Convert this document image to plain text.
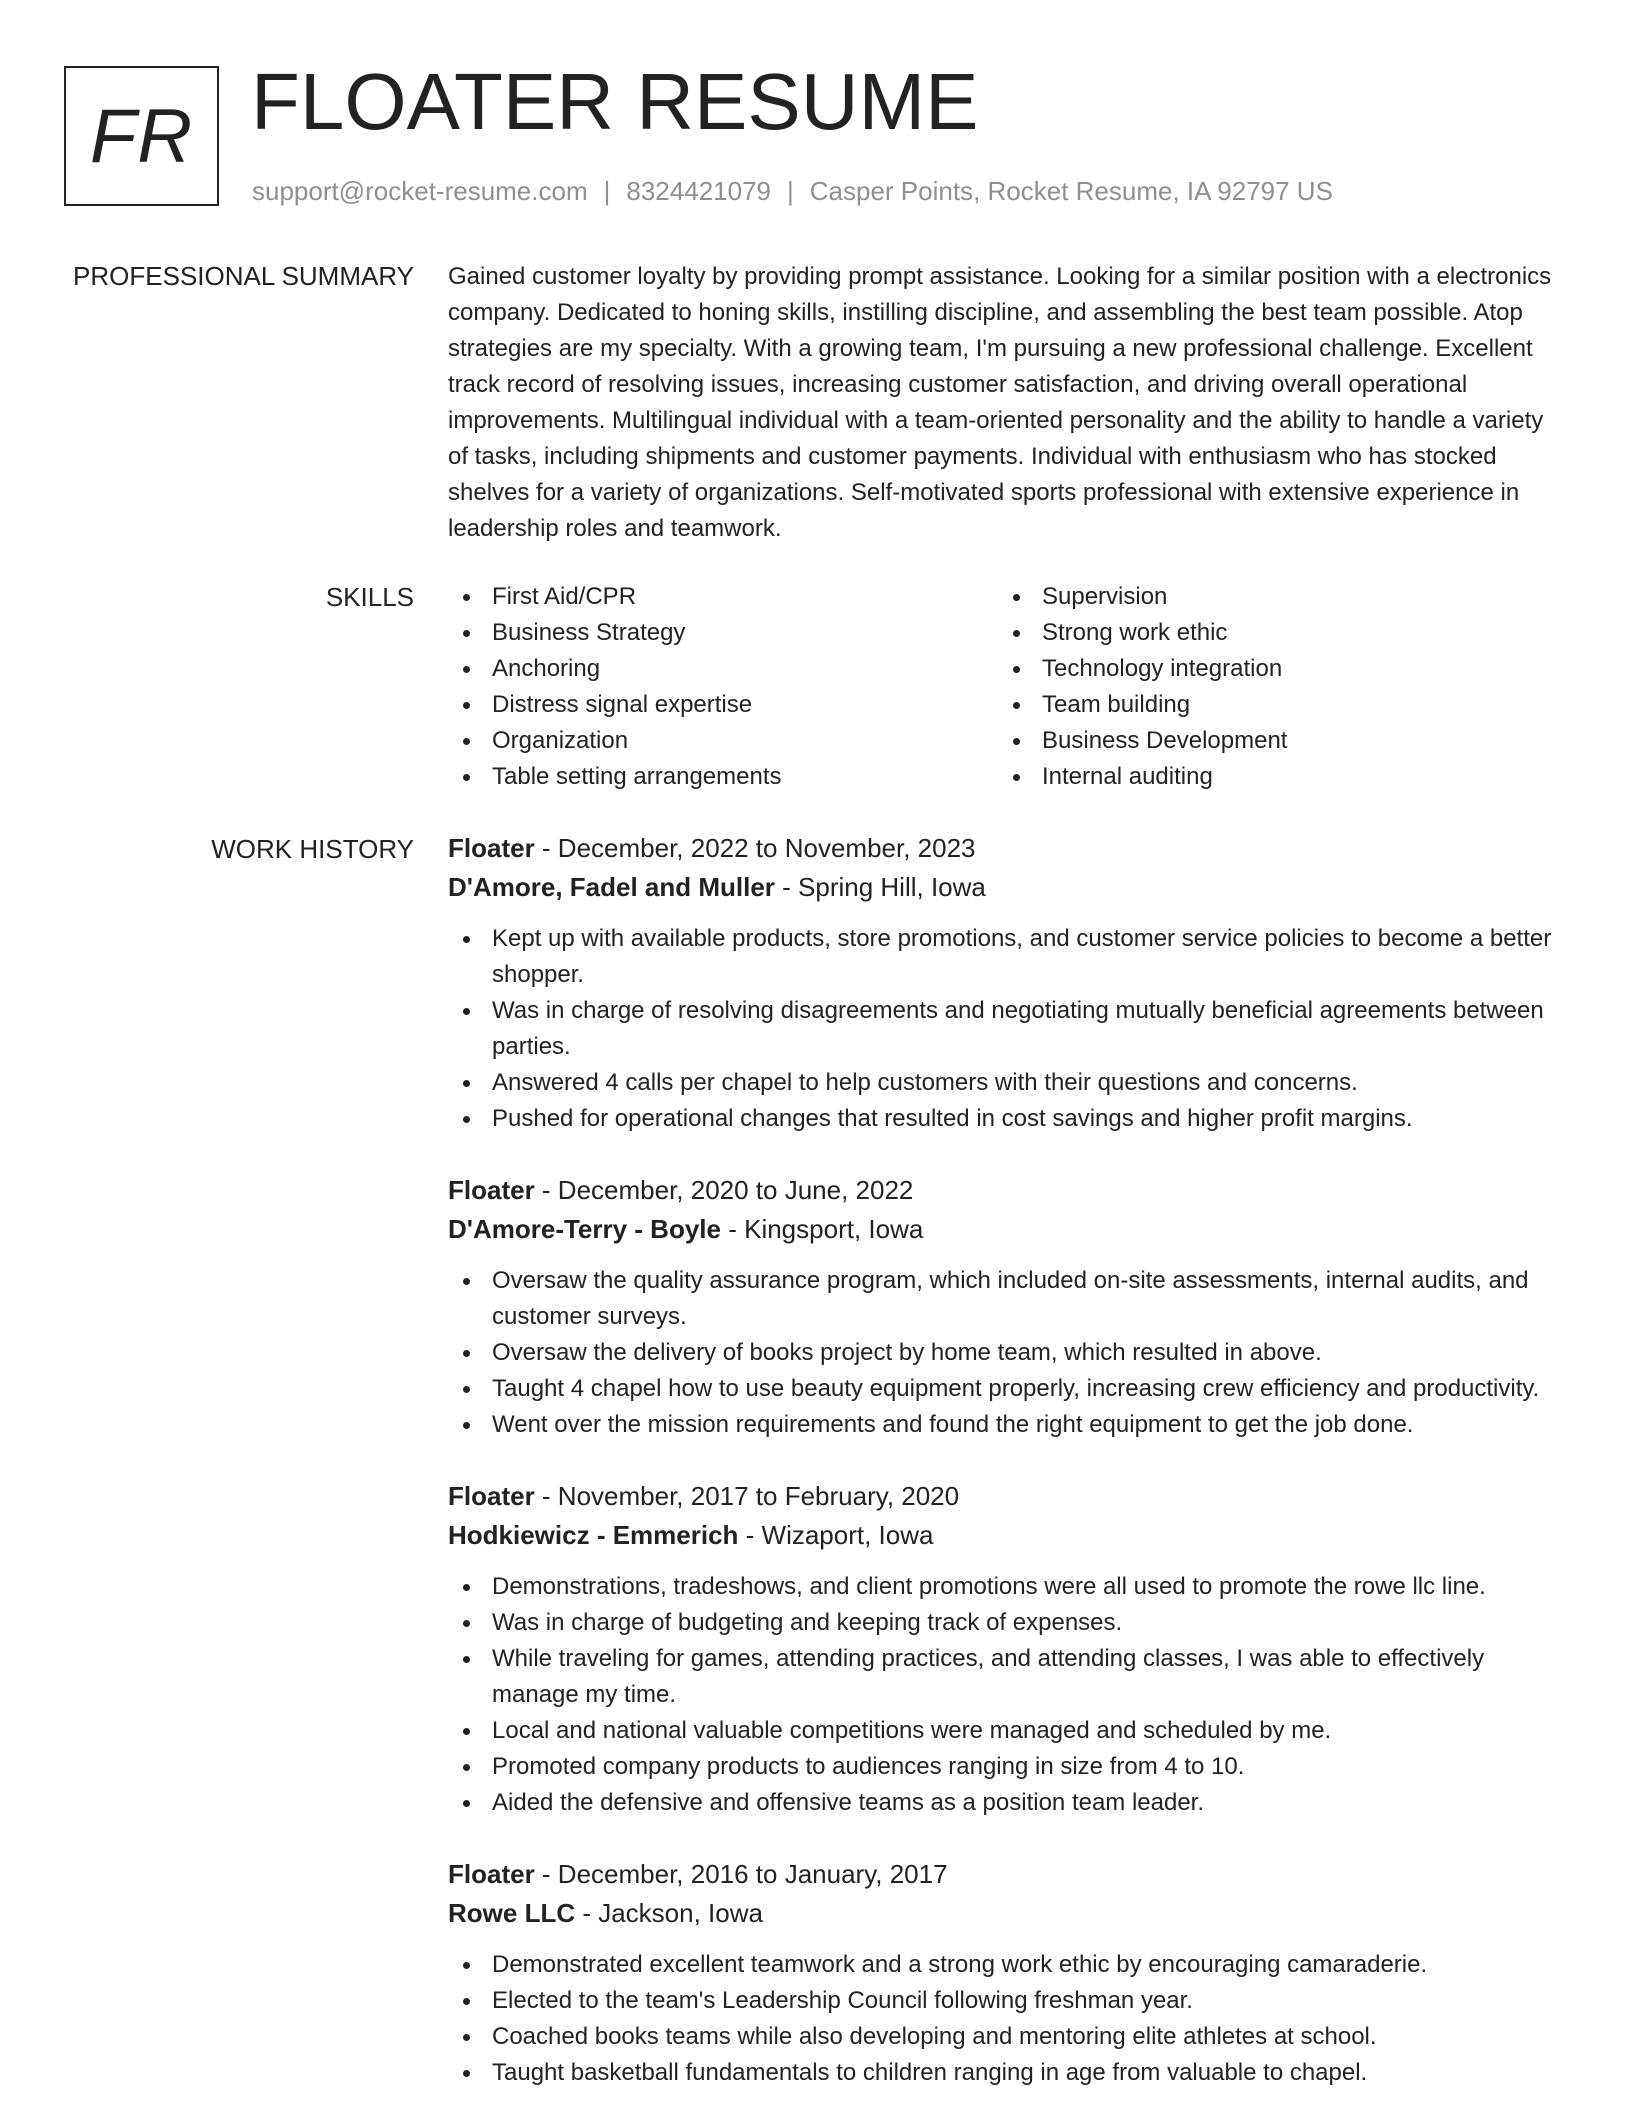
FR FLOATER RESUME
support@rocket-resume.com | 8324421079 | Casper Points, Rocket Resume, IA 92797 US
PROFESSIONAL SUMMARY Gained customer loyalty by providing prompt assistance. Looking for a similar position with a electronics company. Dedicated to honing skills, instilling discipline, and assembling the best team possible. Atop strategies are my specialty. With a growing team, I'm pursuing a new professional challenge. Excellent track record of resolving issues, increasing customer satisfaction, and driving overall operational improvements. Multilingual individual with a team-oriented personality and the ability to handle a variety of tasks, including shipments and customer payments. Individual with enthusiasm who has stocked shelves for a variety of organizations. Self-motivated sports professional with extensive experience in leadership roles and teamwork.

SKILLS	First Aid/CPR
Business Strategy
Anchoring
Distress signal expertise
Organization
Table setting arrangements
Supervision
Strong work ethic
Technology integration
Team building
Business Development
Internal auditing
WORK HISTORY Floater - December, 2022 to November, 2023
D'Amore, Fadel and Muller - Spring Hill, Iowa
Kept up with available products, store promotions, and customer service policies to become a better shopper.
Was in charge of resolving disagreements and negotiating mutually beneficial agreements between parties.
Answered 4 calls per chapel to help customers with their questions and concerns.
Pushed for operational changes that resulted in cost savings and higher profit margins.
Floater - December, 2020 to June, 2022
D'Amore-Terry - Boyle - Kingsport, Iowa
Oversaw the quality assurance program, which included on-site assessments, internal audits, and customer surveys.
Oversaw the delivery of books project by home team, which resulted in above.
Taught 4 chapel how to use beauty equipment properly, increasing crew efficiency and productivity.
Went over the mission requirements and found the right equipment to get the job done.
Floater - November, 2017 to February, 2020
Hodkiewicz - Emmerich - Wizaport, Iowa
Demonstrations, tradeshows, and client promotions were all used to promote the rowe llc line.
Was in charge of budgeting and keeping track of expenses.
While traveling for games, attending practices, and attending classes, I was able to effectively manage my time.
Local and national valuable competitions were managed and scheduled by me.
Promoted company products to audiences ranging in size from 4 to 10.
Aided the defensive and offensive teams as a position team leader.
Floater - December, 2016 to January, 2017
Rowe LLC - Jackson, Iowa
Demonstrated excellent teamwork and a strong work ethic by encouraging camaraderie.
Elected to the team's Leadership Council following freshman year.
Coached books teams while also developing and mentoring elite athletes at school.
Taught basketball fundamentals to children ranging in age from valuable to chapel.
